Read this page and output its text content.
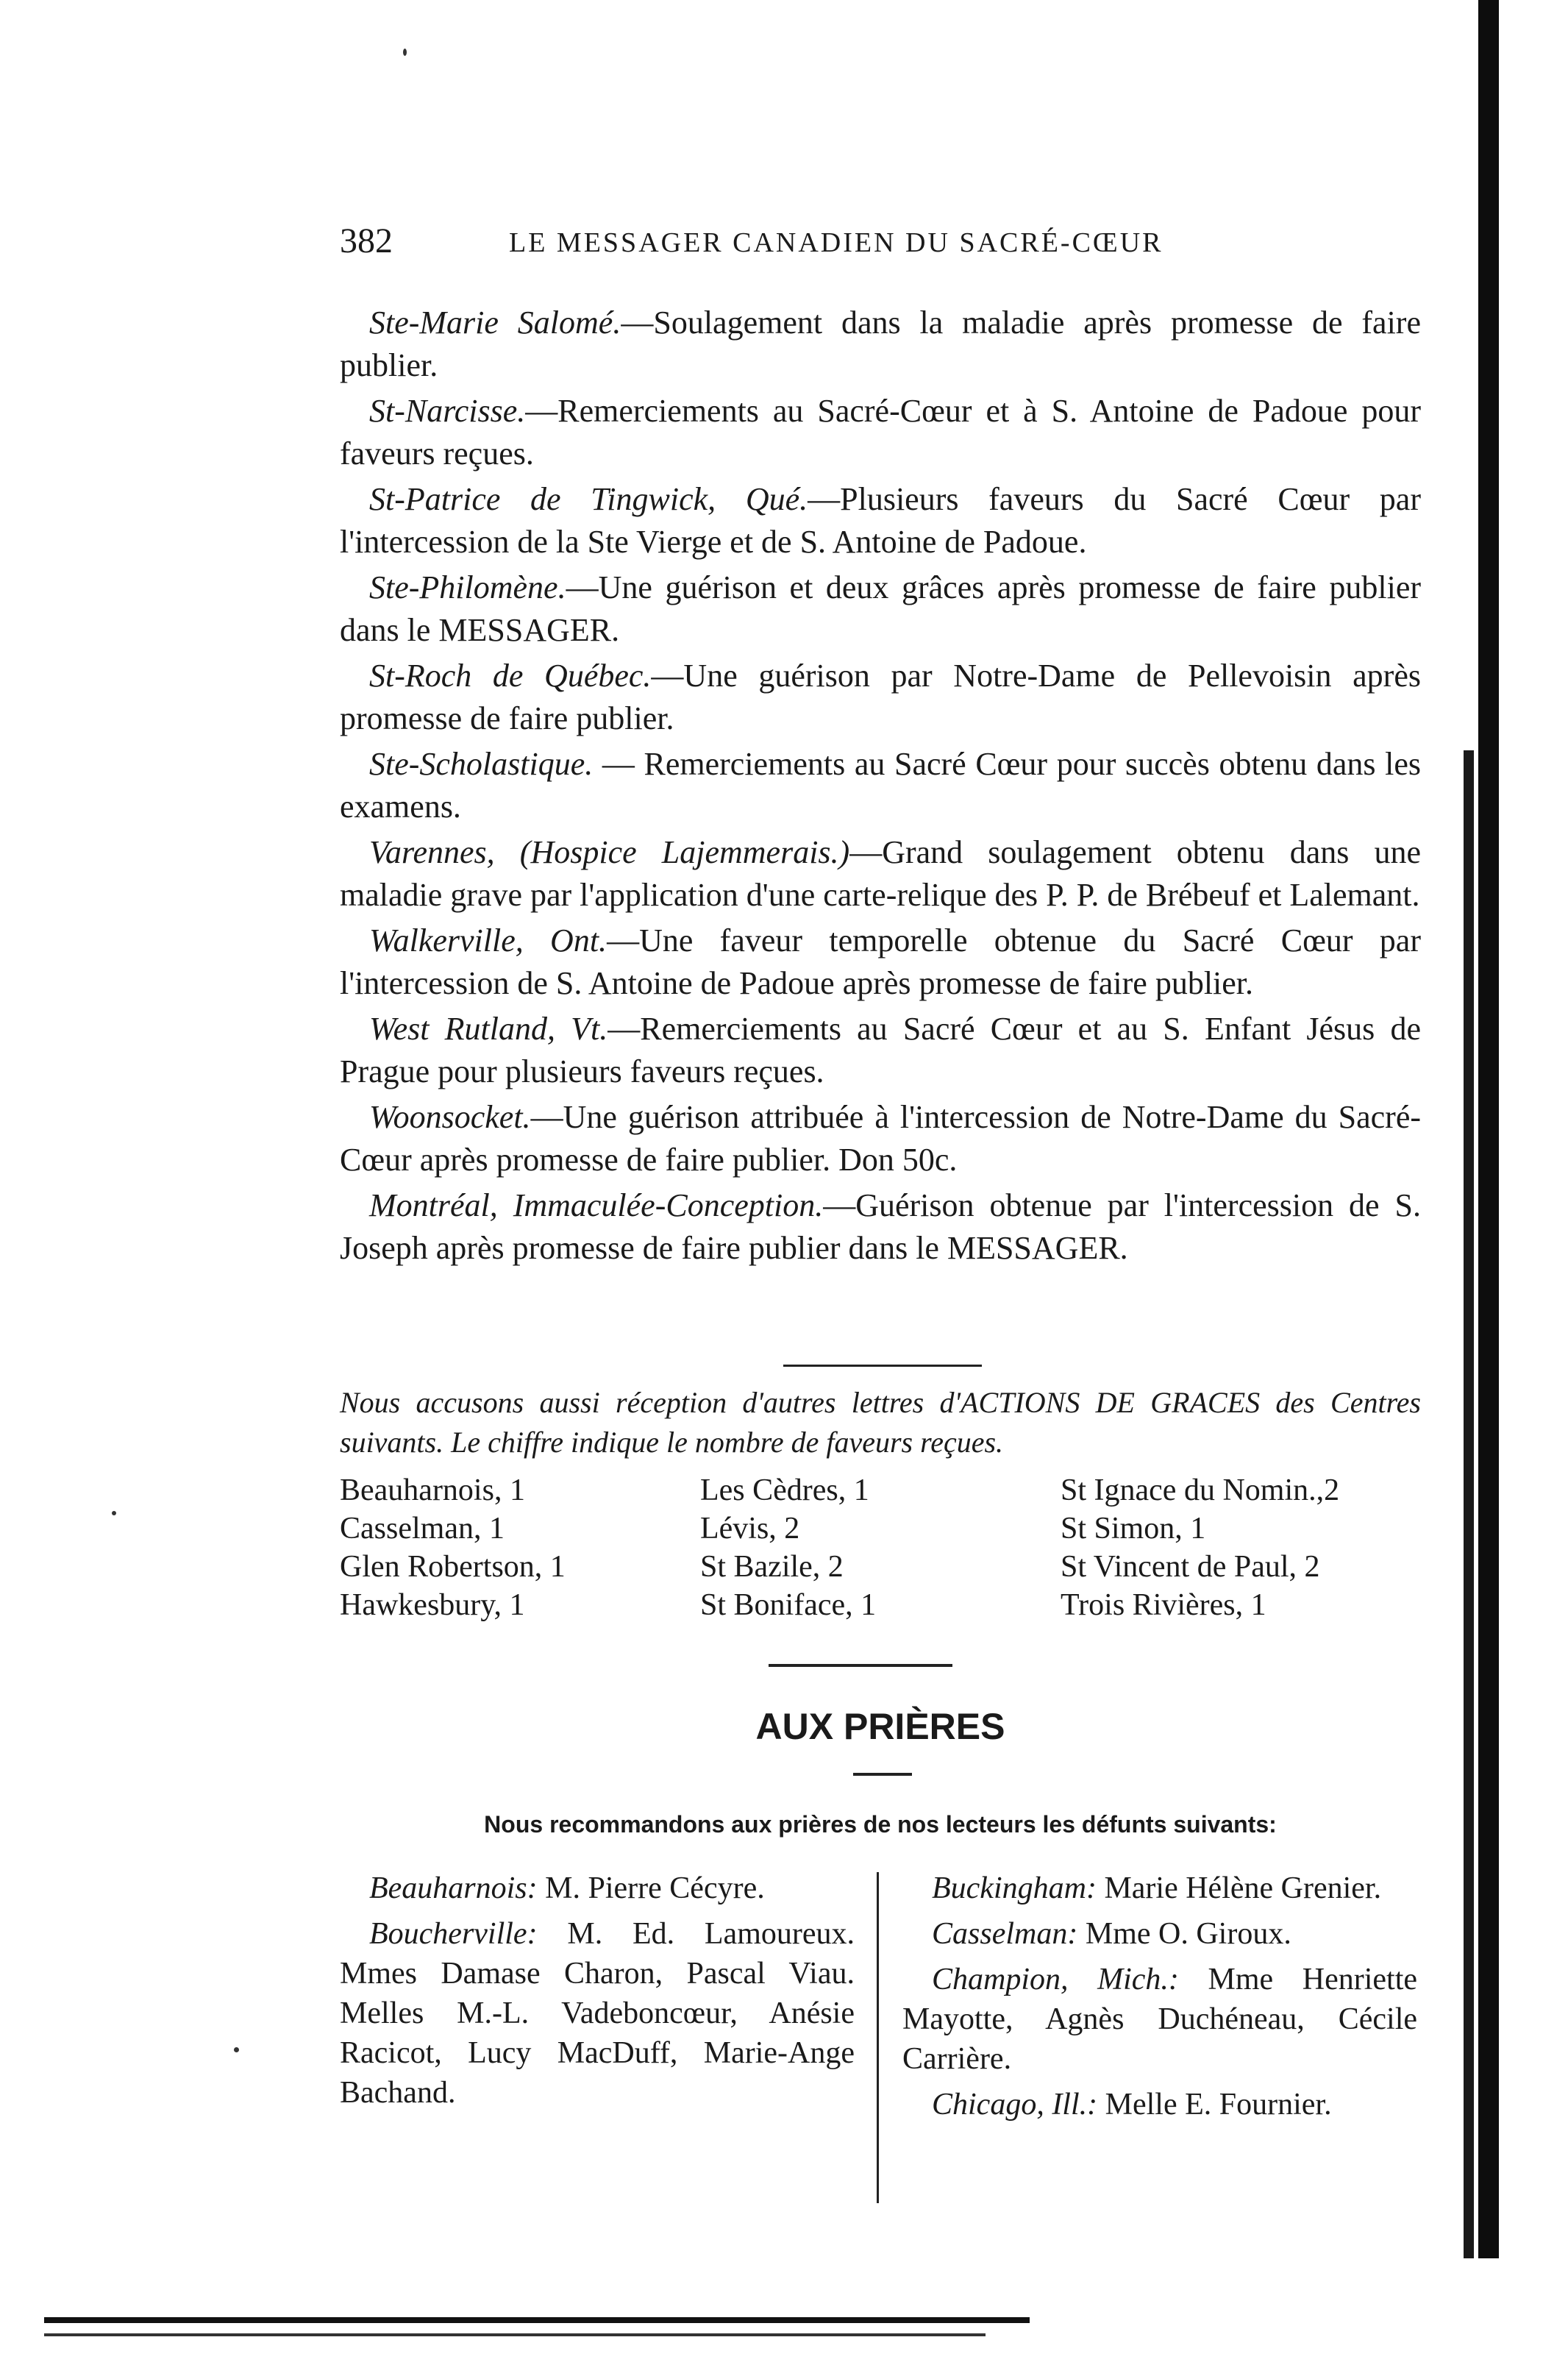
382	LE MESSAGER CANADIEN DU SACRÉ-CŒUR

Ste-Marie Salomé.—Soulagement dans la maladie après promesse de faire publier.

St-Narcisse.—Remerciements au Sacré-Cœur et à S. Antoine de Padoue pour faveurs reçues.

St-Patrice de Tingwick, Qué.—Plusieurs faveurs du Sacré Cœur par l'intercession de la Ste Vierge et de S. Antoine de Padoue.

Ste-Philomène.—Une guérison et deux grâces après promesse de faire publier dans le MESSAGER.

St-Roch de Québec.—Une guérison par Notre-Dame de Pellevoisin après promesse de faire publier.

Ste-Scholastique. — Remerciements au Sacré Cœur pour succès obtenu dans les examens.

Varennes, (Hospice Lajemmerais.)—Grand soulagement obtenu dans une maladie grave par l'application d'une carte-relique des P. P. de Brébeuf et Lalemant.

Walkerville, Ont.—Une faveur temporelle obtenue du Sacré Cœur par l'intercession de S. Antoine de Padoue après promesse de faire publier.

West Rutland, Vt.—Remerciements au Sacré Cœur et au S. Enfant Jésus de Prague pour plusieurs faveurs reçues.

Woonsocket.—Une guérison attribuée à l'intercession de Notre-Dame du Sacré-Cœur après promesse de faire publier. Don 50c.

Montréal, Immaculée-Conception.—Guérison obtenue par l'intercession de S. Joseph après promesse de faire publier dans le MESSAGER.

Nous accusons aussi réception d'autres lettres d'ACTIONS DE GRACES des Centres suivants. Le chiffre indique le nombre de faveurs reçues.
Beauharnois, 1	Les Cèdres, 1	St Ignace du Nomin.,2
Casselman, 1	Lévis, 2	St Simon, 1
Glen Robertson, 1	St Bazile, 2	St Vincent de Paul, 2
Hawkesbury, 1	St Boniface, 1	Trois Rivières, 1
AUX PRIÈRES
Nous recommandons aux prières de nos lecteurs les défunts suivants:

Beauharnois: M. Pierre Cécyre.

Boucherville: M. Ed. Lamoureux. Mmes Damase Charon, Pascal Viau. Melles M.-L. Vadeboncœur, Anésie Racicot, Lucy MacDuff, Marie-Ange Bachand.

Buckingham: Marie Hélène Grenier.

Casselman: Mme O. Giroux.

Champion, Mich.: Mme Henriette Mayotte, Agnès Duchéneau, Cécile Carrière.

Chicago, Ill.: Melle E. Fournier.
